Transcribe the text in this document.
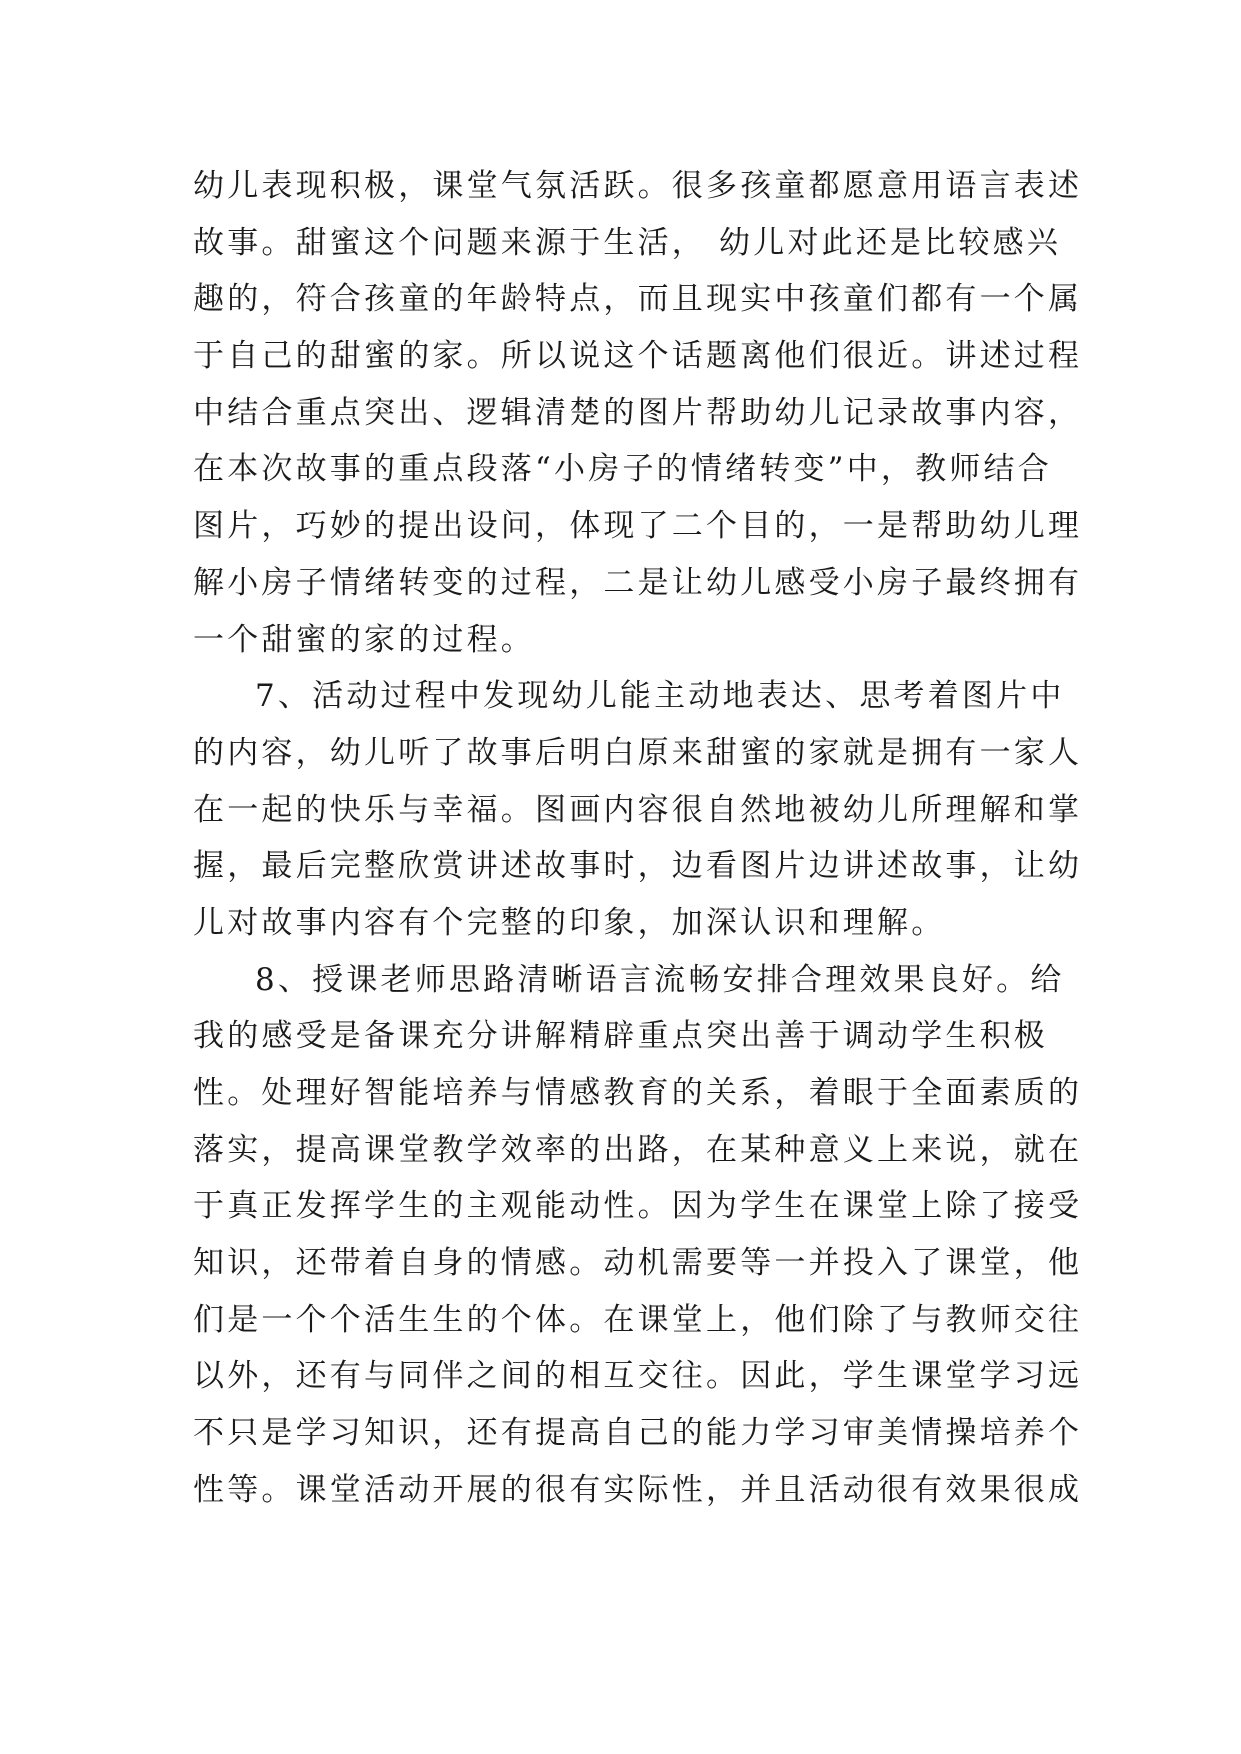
幼儿表现积极，课堂气氛活跃。很多孩童都愿意用语言表述
故事。甜蜜这个问题来源于生活， 幼儿对此还是比较感兴
趣的，符合孩童的年龄特点，而且现实中孩童们都有一个属
于自己的甜蜜的家。所以说这个话题离他们很近。讲述过程
中结合重点突出、逻辑清楚的图片帮助幼儿记录故事内容，
在本次故事的重点段落“小房子的情绪转变”中，教师结合
图片，巧妙的提出设问，体现了二个目的，一是帮助幼儿理
解小房子情绪转变的过程，二是让幼儿感受小房子最终拥有
一个甜蜜的家的过程。
7、活动过程中发现幼儿能主动地表达、思考着图片中
的内容，幼儿听了故事后明白原来甜蜜的家就是拥有一家人
在一起的快乐与幸福。图画内容很自然地被幼儿所理解和掌
握，最后完整欣赏讲述故事时，边看图片边讲述故事，让幼
儿对故事内容有个完整的印象，加深认识和理解。
8、授课老师思路清晰语言流畅安排合理效果良好。给
我的感受是备课充分讲解精辟重点突出善于调动学生积极
性。处理好智能培养与情感教育的关系，着眼于全面素质的
落实，提高课堂教学效率的出路，在某种意义上来说，就在
于真正发挥学生的主观能动性。因为学生在课堂上除了接受
知识，还带着自身的情感。动机需要等一并投入了课堂，他
们是一个个活生生的个体。在课堂上，他们除了与教师交往
以外，还有与同伴之间的相互交往。因此，学生课堂学习远
不只是学习知识，还有提高自己的能力学习审美情操培养个
性等。课堂活动开展的很有实际性，并且活动很有效果很成
